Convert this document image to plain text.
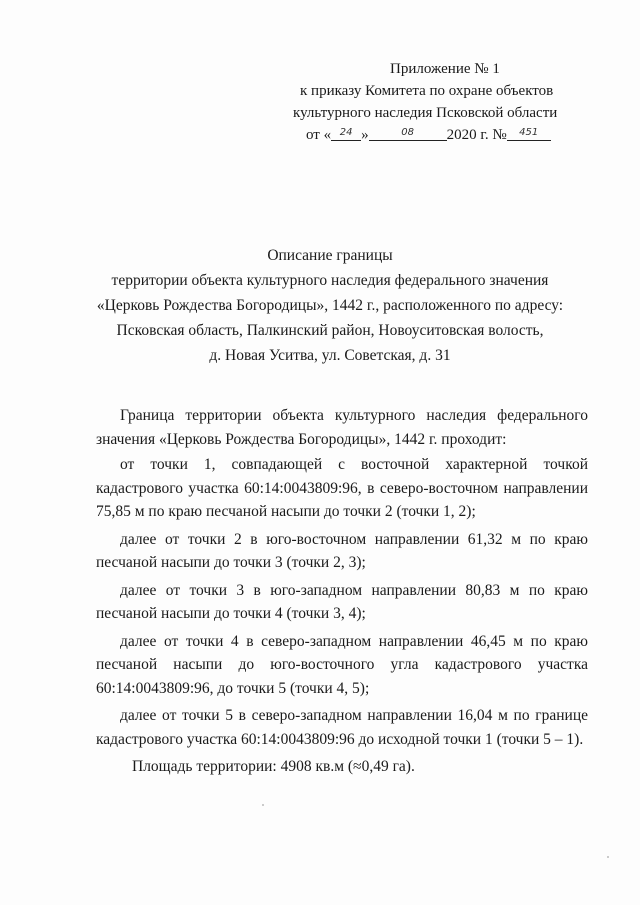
Приложение № 1
к приказу Комитета по охране объектов
культурного наследия Псковской области
от « $^{24}$ »	$^{08}$ 2020 г. № $^{451}$
Описание границы
территории объекта культурного наследия федерального значения
«Церковь Рождества Богородицы», 1442 г., расположенного по адресу:
Псковская область, Палкинский район, Новоуситовская волость,
д. Новая Уситва, ул. Советская, д. 31

Граница территории объекта культурного наследия федерального значения «Церковь Рождества Богородицы», 1442 г. проходит:

от точки 1, совпадающей с восточной характерной точкой кадастрового участка 60:14:0043809:96, в северо-восточном направлении 75,85 м по краю песчаной насыпи до точки 2 (точки 1, 2);

далее от точки 2 в юго-восточном направлении 61,32 м по краю песчаной насыпи до точки 3 (точки 2, 3);

далее от точки 3 в юго-западном направлении 80,83 м по краю песчаной насыпи до точки 4 (точки 3, 4);

далее от точки 4 в северо-западном направлении 46,45 м по краю песчаной насыпи до юго-восточного угла кадастрового участка 60:14:0043809:96, до точки 5 (точки 4, 5);

далее от точки 5 в северо-западном направлении 16,04 м по границе кадастрового участка 60:14:0043809:96 до исходной точки 1 (точки 5 – 1).

Площадь территории: 4908 кв.м (≈0,49 га).
